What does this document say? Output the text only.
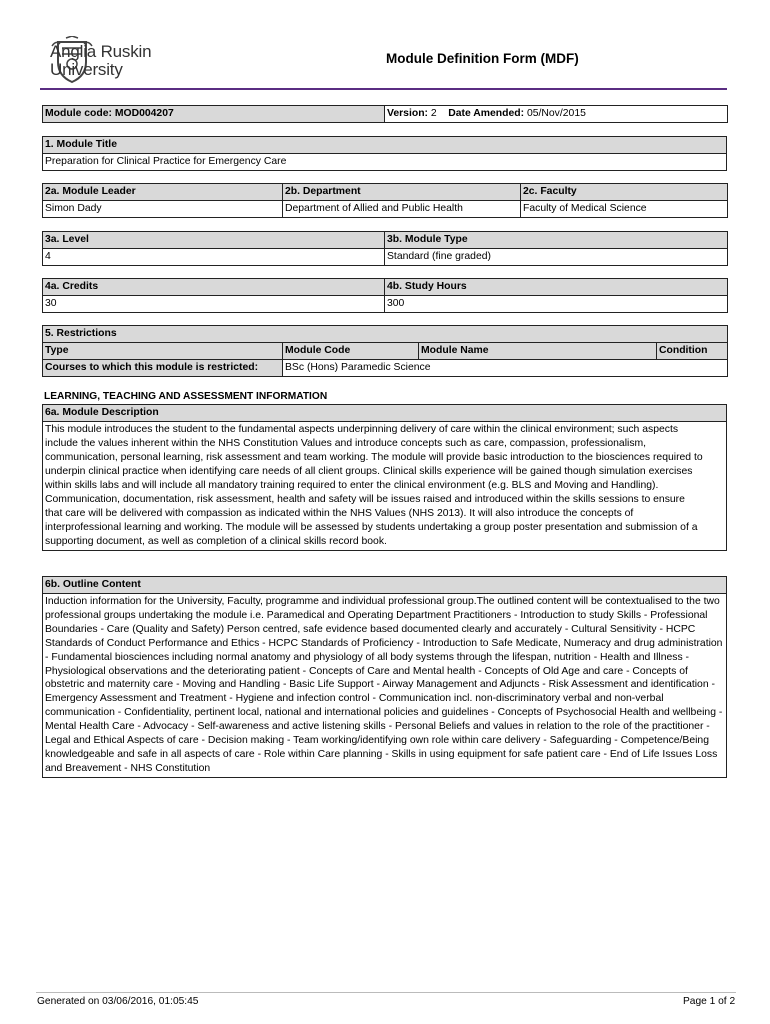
Anglia Ruskin
University
Module Definition Form (MDF)
Module code: MOD004207	Version: 2 Date Amended: 05/Nov/2015
1. Module Title
Preparation for Clinical Practice for Emergency Care
2a. Module Leader	2b. Department	2c. Faculty
Simon Dady	Department of Allied and Public Health	Faculty of Medical Science
3a. Level	3b. Module Type
4	Standard (fine graded)
4a. Credits	4b. Study Hours
30	300
5. Restrictions			
Type	Module Code	Module Name	Condition
Courses to which this module is restricted:	BSc (Hons) Paramedic Science		
LEARNING, TEACHING AND ASSESSMENT INFORMATION
6a. Module Description
This module introduces the student to the fundamental aspects underpinning delivery of care within the clinical environment; such aspects include the values inherent within the NHS Constitution Values and introduce concepts such as care, compassion, professionalism, communication, personal learning, risk assessment and team working. The module will provide basic introduction to the biosciences required to underpin clinical practice when identifying care needs of all client groups. Clinical skills experience will be gained though simulation exercises within skills labs and will include all mandatory training required to enter the clinical environment (e.g. BLS and Moving and Handling). Communication, documentation, risk assessment, health and safety will be issues raised and introduced within the skills sessions to ensure that care will be delivered with compassion as indicated within the NHS Values (NHS 2013). It will also introduce the concepts of interprofessional learning and working. The module will be assessed by students undertaking a group poster presentation and submission of a supporting document, as well as completion of a clinical skills record book.
6b. Outline Content
Induction information for the University, Faculty, programme and individual professional group.The outlined content will be contextualised to the two professional groups undertaking the module i.e. Paramedical and Operating Department Practitioners - Introduction to study Skills - Professional Boundaries - Care (Quality and Safety) Person centred, safe evidence based documented clearly and accurately - Cultural Sensitivity - HCPC Standards of Conduct Performance and Ethics - HCPC Standards of Proficiency - Introduction to Safe Medicate, Numeracy and drug administration - Fundamental biosciences including normal anatomy and physiology of all body systems through the lifespan, nutrition - Health and Illness - Physiological observations and the deteriorating patient - Concepts of Care and Mental health - Concepts of Old Age and care - Concepts of obstetric and maternity care - Moving and Handling - Basic Life Support - Airway Management and Adjuncts - Risk Assessment and identification - Emergency Assessment and Treatment - Hygiene and infection control - Communication incl. non-discriminatory verbal and non-verbal communication - Confidentiality, pertinent local, national and international policies and guidelines - Concepts of Psychosocial Health and wellbeing - Mental Health Care - Advocacy - Self-awareness and active listening skills - Personal Beliefs and values in relation to the role of the practitioner - Legal and Ethical Aspects of care - Decision making - Team working/identifying own role within care delivery - Safeguarding - Competence/Being knowledgeable and safe in all aspects of care - Role within Care planning - Skills in using equipment for safe patient care - End of Life Issues Loss and Breavement - NHS Constitution
Generated on 03/06/2016, 01:05:45	Page 1 of 2
